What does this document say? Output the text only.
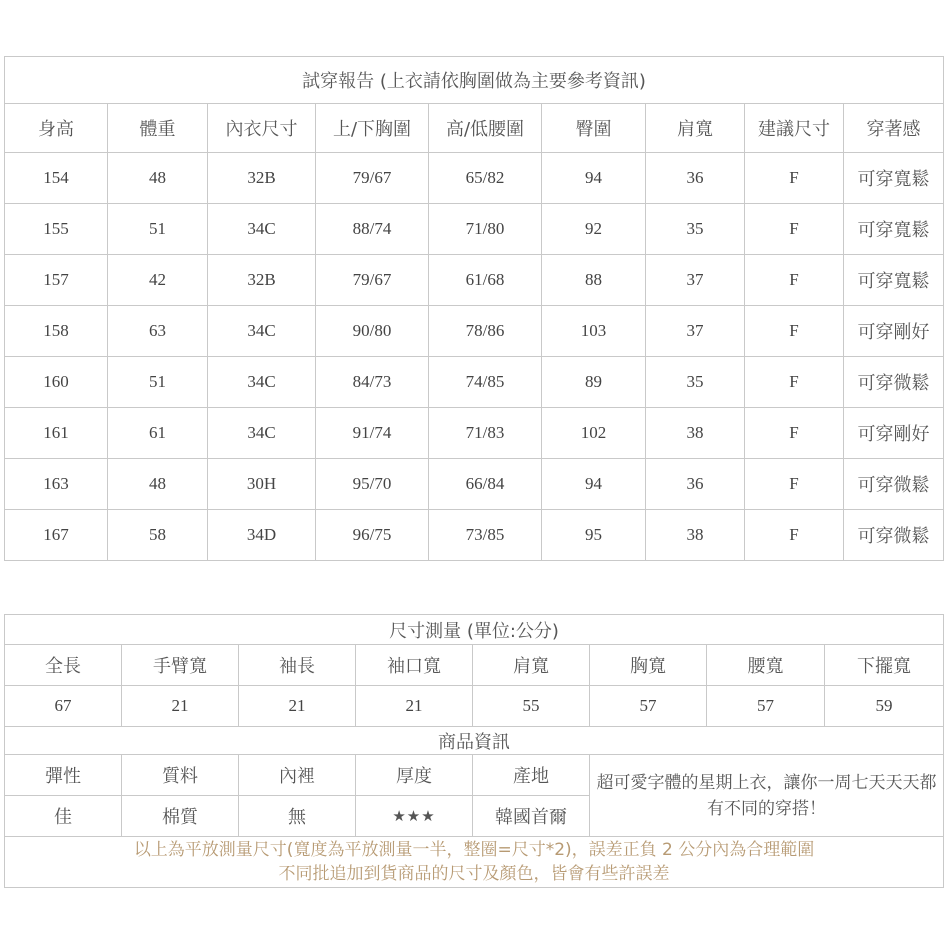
試穿報告 (上衣請依胸圍做為主要參考資訊)								
身高	體重	內衣尺寸	上/下胸圍	高/低腰圍	臀圍	肩寬	建議尺寸	穿著感
154	48	32B	79/67	65/82	94	36	F	可穿寬鬆
155	51	34C	88/74	71/80	92	35	F	可穿寬鬆
157	42	32B	79/67	61/68	88	37	F	可穿寬鬆
158	63	34C	90/80	78/86	103	37	F	可穿剛好
160	51	34C	84/73	74/85	89	35	F	可穿微鬆
161	61	34C	91/74	71/83	102	38	F	可穿剛好
163	48	30H	95/70	66/84	94	36	F	可穿微鬆
167	58	34D	96/75	73/85	95	38	F	可穿微鬆
尺寸測量 (單位:公分)							
全長	手臂寬	袖長	袖口寬	肩寬	胸寬	腰寬	下擺寬
67	21	21	21	55	57	57	59
商品資訊							
彈性	質料	內裡	厚度	產地	超可愛字體的星期上衣，讓你一周七天天天都有不同的穿搭！		
佳	棉質	無	★★★	韓國首爾			

以上為平放測量尺寸(寬度為平放測量一半，整圈=尺寸*2)，誤差正負 2 公分內為合理範圍
不同批追加到貨商品的尺寸及顏色，皆會有些許誤差							
